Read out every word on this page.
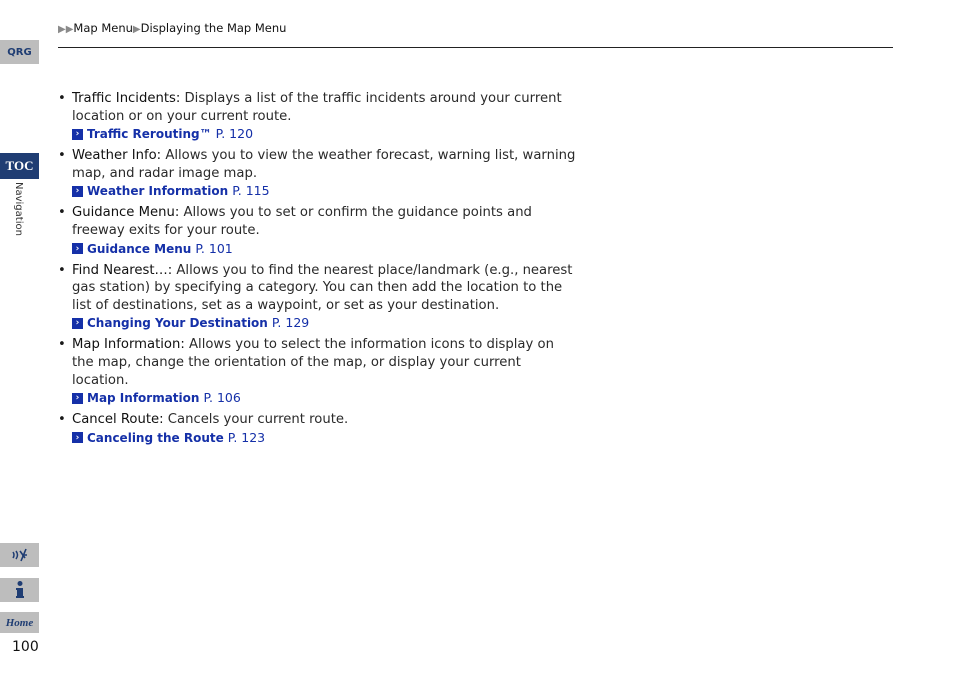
▶▶Map Menu▶Displaying the Map Menu
QRG
TOC
Navigation
Home
100
• Traffic Incidents: Displays a list of the traffic incidents around your current location or on your current route.
› Traffic Rerouting™ P. 120
• Weather Info: Allows you to view the weather forecast, warning list, warning map, and radar image map.
› Weather Information P. 115
• Guidance Menu: Allows you to set or confirm the guidance points and freeway exits for your route.
› Guidance Menu P. 101
• Find Nearest…: Allows you to find the nearest place/landmark (e.g., nearest gas station) by specifying a category. You can then add the location to the list of destinations, set as a waypoint, or set as your destination.
› Changing Your Destination P. 129
• Map Information: Allows you to select the information icons to display on the map, change the orientation of the map, or display your current location.
› Map Information P. 106
• Cancel Route: Cancels your current route.
› Canceling the Route P. 123
